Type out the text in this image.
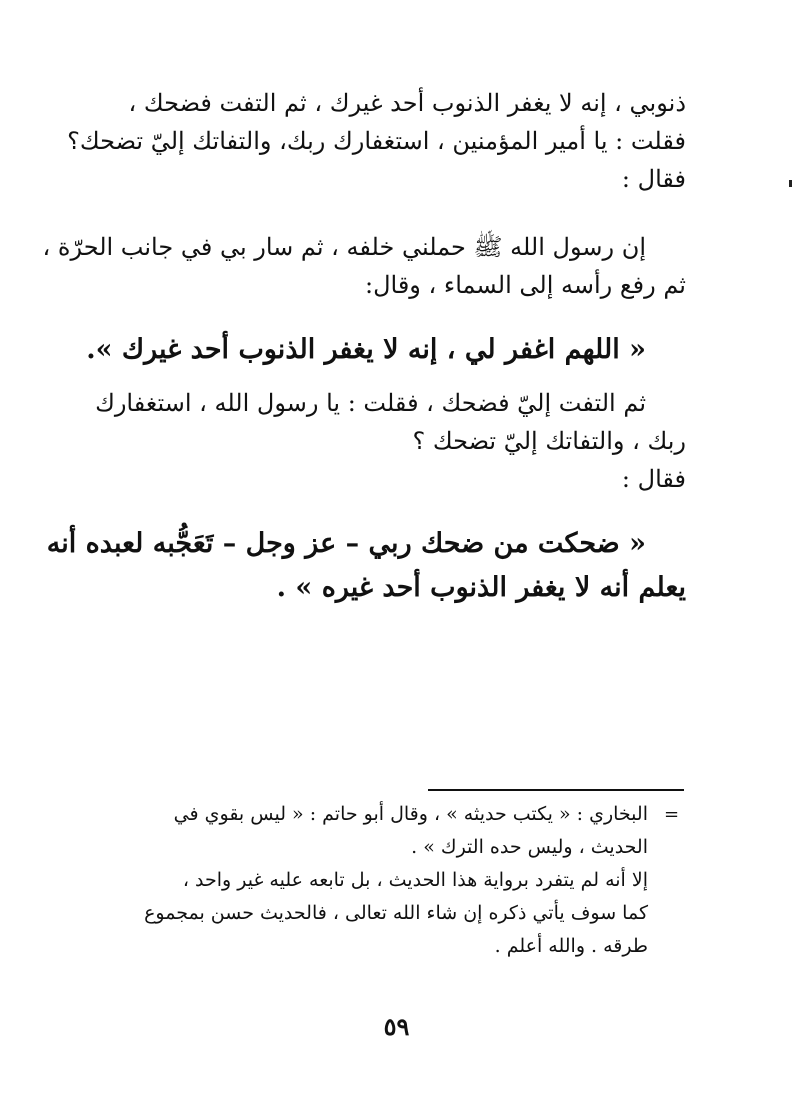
ذنوبي ، إنه لا يغفر الذنوب أحد غيرك ، ثم التفت فضحك ،
فقلت : يا أمير المؤمنين ، استغفارك ربك، والتفاتك إليّ تضحك؟
فقال :
إن رسول الله ﷺ حملني خلفه ، ثم سار بي في جانب الحرّة ،
ثم رفع رأسه إلى السماء ، وقال:
« اللهم اغفر لي ، إنه لا يغفر الذنوب أحد غيرك ».
ثم التفت إليّ فضحك ، فقلت : يا رسول الله ، استغفارك
ربك ، والتفاتك إليّ تضحك ؟
فقال :
« ضحكت من ضحك ربي – عز وجل – تَعَجُّبه لعبده أنه
يعلم أنه لا يغفر الذنوب أحد غيره » .
=
البخاري : « يكتب حديثه » ، وقال أبو حاتم : « ليس بقوي في
الحديث ، وليس حده الترك » .
إلا أنه لم يتفرد برواية هذا الحديث ، بل تابعه عليه غير واحد ،
كما سوف يأتي ذكره إن شاء الله تعالى ، فالحديث حسن بمجموع
طرقه . والله أعلم .
٥٩
